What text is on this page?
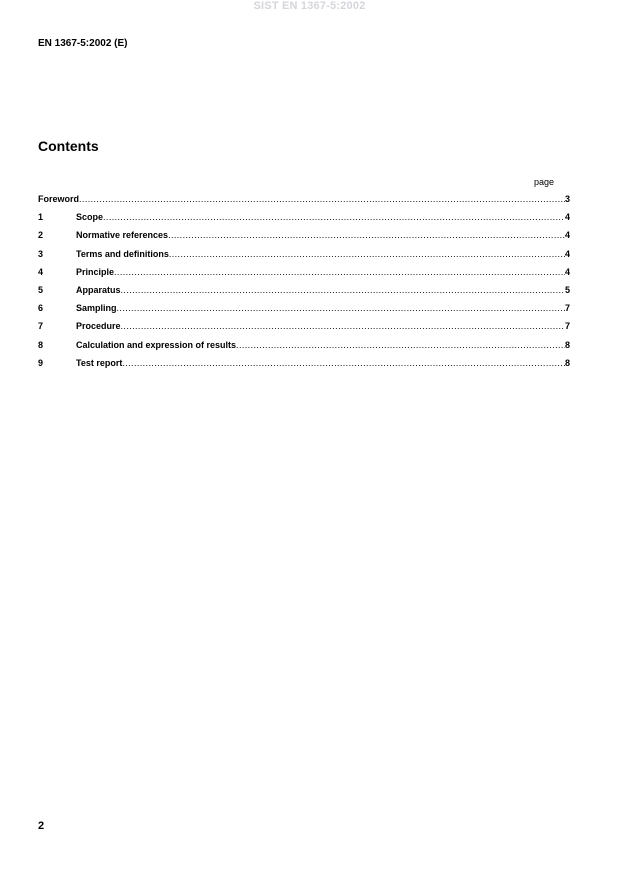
SIST EN 1367-5:2002
EN 1367-5:2002 (E)
Contents
page
Foreword .....	3
1	Scope .....	4
2	Normative references .....	4
3	Terms and definitions .....	4
4	Principle .....	4
5	Apparatus .....	5
6	Sampling .....	7
7	Procedure .....	7
8	Calculation and expression of results .....	8
9	Test report .....	8
2
